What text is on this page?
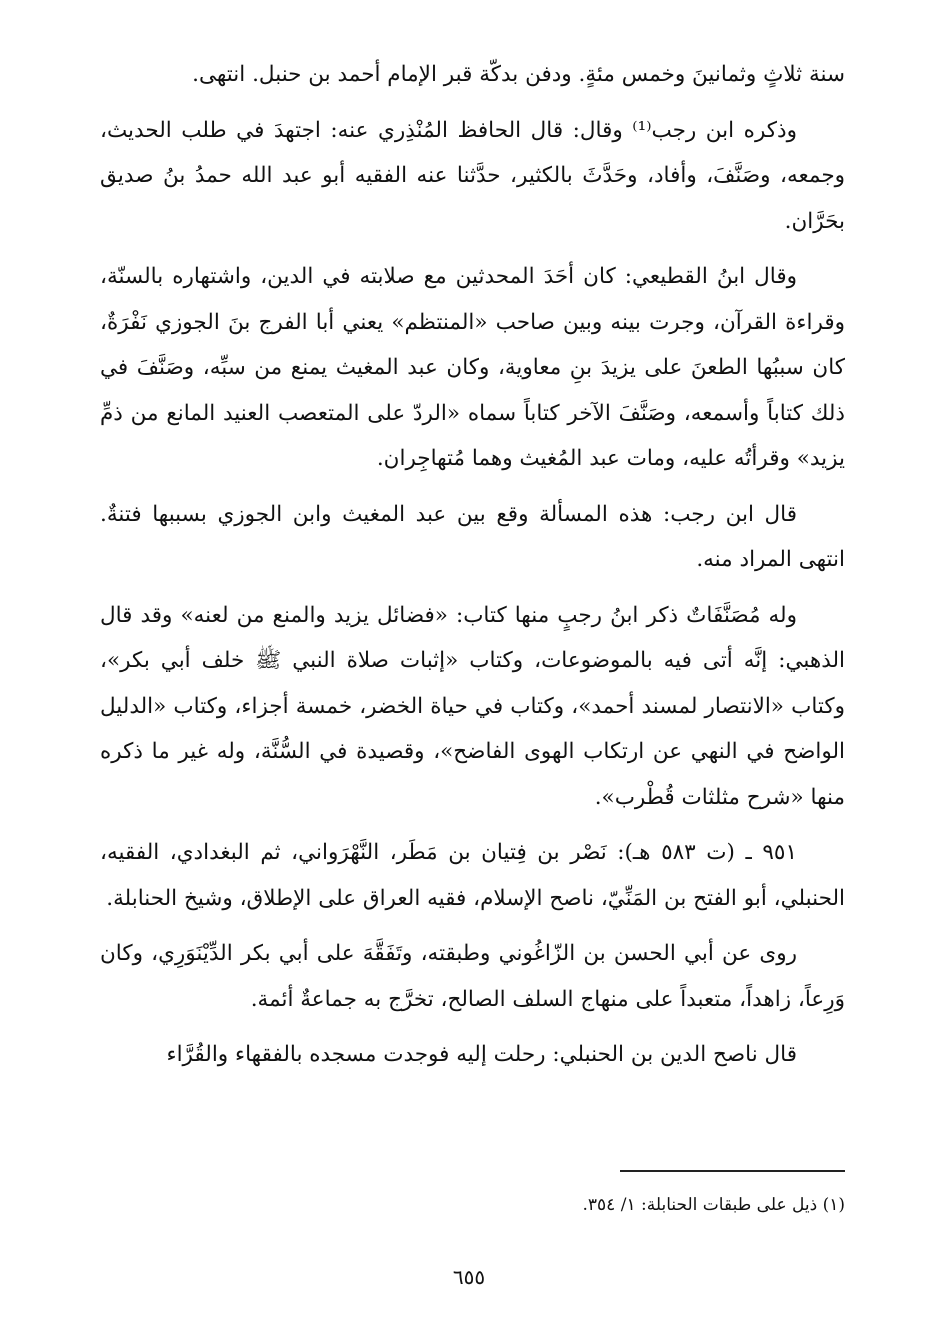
سنة ثلاثٍ وثمانينَ وخمس مئةٍ. ودفن بدكّة قبر الإمام أحمد بن حنبل. انتهى.

وذكره ابن رجب⁽¹⁾ وقال: قال الحافظ المُنْذِري عنه: اجتهدَ في طلب الحديث، وجمعه، وصَنَّفَ، وأفاد، وحَدَّثَ بالكثير، حدَّثنا عنه الفقيه أبو عبد الله حمدُ بنُ صديق بحَرَّان.

وقال ابنُ القطيعي: كان أحَدَ المحدثين مع صلابته في الدين، واشتهاره بالسنّة، وقراءة القرآن، وجرت بينه وبين صاحب «المنتظم» يعني أبا الفرج بنَ الجوزي نَفْرَةٌ، كان سببُها الطعنَ على يزيدَ بنِ معاوية، وكان عبد المغيث يمنع من سبِّه، وصَنَّفَ في ذلك كتاباً وأسمعه، وصَنَّفَ الآخر كتاباً سماه «الردّ على المتعصب العنيد المانع من ذمِّ يزيد» وقرأتُه عليه، ومات عبد المُغيث وهما مُتهاجِران.

قال ابن رجب: هذه المسألة وقع بين عبد المغيث وابن الجوزي بسببها فتنةٌ. انتهى المراد منه.

وله مُصَنَّفَاتٌ ذكر ابنُ رجبٍ منها كتاب: «فضائل يزيد والمنع من لعنه» وقد قال الذهبي: إنَّه أتى فيه بالموضوعات، وكتاب «إثبات صلاة النبي ﷺ خلف أبي بكر»، وكتاب «الانتصار لمسند أحمد»، وكتاب في حياة الخضر، خمسة أجزاء، وكتاب «الدليل الواضح في النهي عن ارتكاب الهوى الفاضح»، وقصيدة في السُّنَّة، وله غير ما ذكره منها «شرح مثلثات قُطْرب».

٩٥١ ـ (ت ٥٨٣ هـ): نَصْر بن فِتيان بن مَطَر، النَّهْرَواني، ثم البغدادي، الفقيه، الحنبلي، أبو الفتح بن المَنِّيّ، ناصح الإسلام، فقيه العراق على الإطلاق، وشيخ الحنابلة.

روى عن أبي الحسن بن الزّاغُوني وطبقته، وتَفَقَّهَ على أبي بكر الدِّيْنَوَرِي، وكان وَرِعاً، زاهداً، متعبداً على منهاج السلف الصالح، تخرَّج به جماعةٌ أئمة.

قال ناصح الدين بن الحنبلي: رحلت إليه فوجدت مسجده بالفقهاء والقُرَّاء

(١) ذيل على طبقات الحنابلة: ١/ ٣٥٤.
٦٥٥
